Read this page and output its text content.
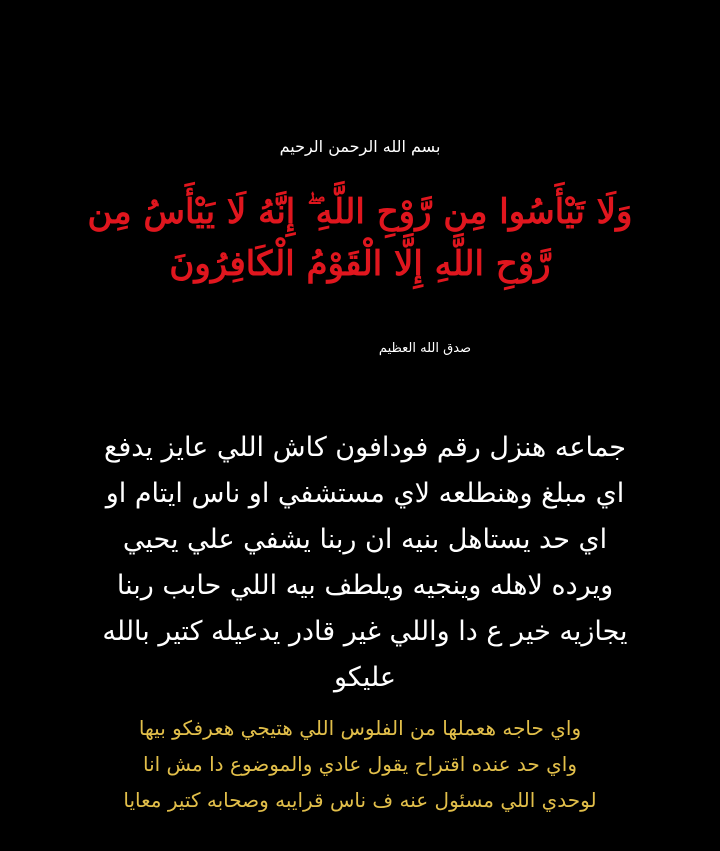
بسم الله الرحمن الرحيم
وَلَا تَيْأَسُوا مِن رَّوْحِ اللَّهِ ۖ إِنَّهُ لَا يَيْأَسُ مِن
رَّوْحِ اللَّهِ إِلَّا الْقَوْمُ الْكَافِرُونَ
صدق الله العظيم
جماعه هنزل رقم فودافون كاش اللي عايز يدفع
اي مبلغ وهنطلعه لاي مستشفي او ناس ايتام او
اي حد يستاهل بنيه ان ربنا يشفي علي يحيي
ويرده لاهله وينجيه ويلطف بيه اللي حابب ربنا
يجازيه خير ع دا واللي غير قادر يدعيله كتير بالله
عليكو
واي حاجه هعملها من الفلوس اللي هتيجي هعرفكو بيها
واي حد عنده اقتراح يقول عادي والموضوع دا مش انا
لوحدي اللي مسئول عنه ف ناس قرايبه وصحابه كتير معايا
